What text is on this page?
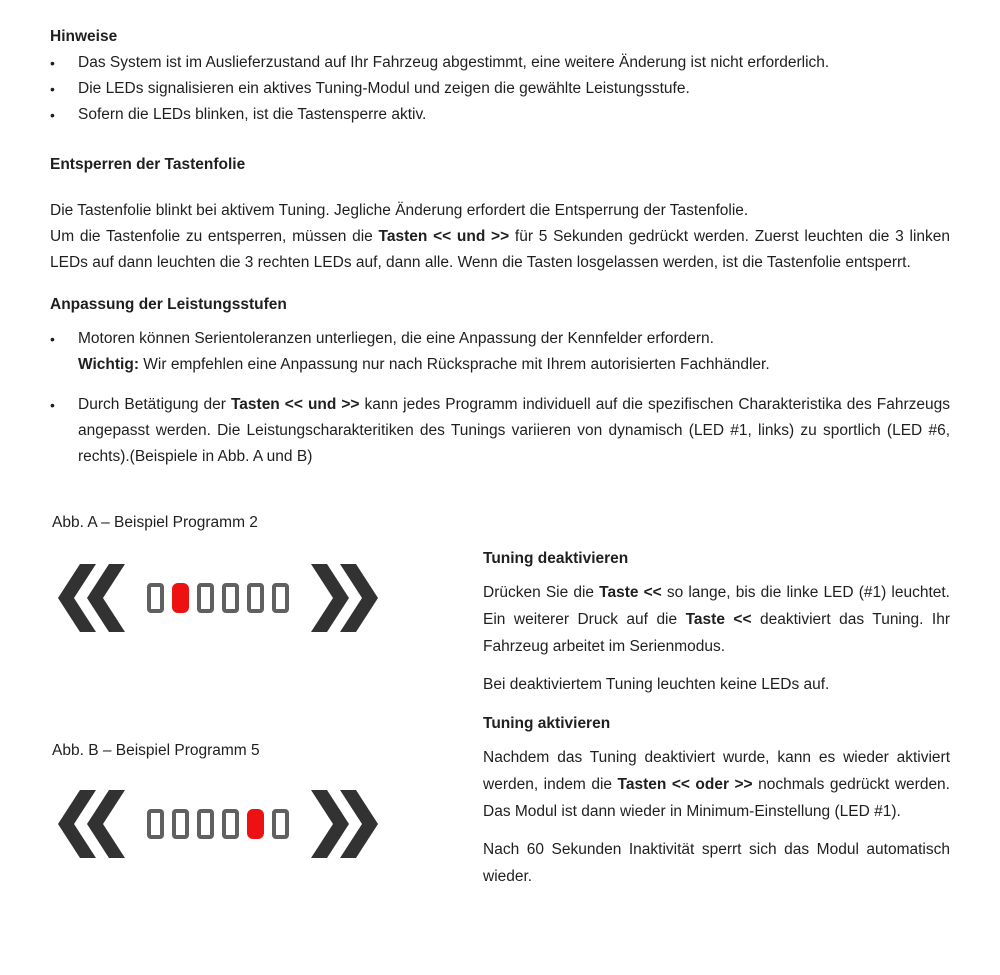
Hinweise
•	Das System ist im Auslieferzustand auf Ihr Fahrzeug abgestimmt, eine weitere Änderung ist nicht erforderlich.
•	Die LEDs signalisieren ein aktives Tuning-Modul und zeigen die gewählte Leistungsstufe.
•	Sofern die LEDs blinken, ist die Tastensperre aktiv.
Entsperren der Tastenfolie
Die Tastenfolie blinkt bei aktivem Tuning. Jegliche Änderung erfordert die Entsperrung der Tastenfolie.
Um die Tastenfolie zu entsperren, müssen die Tasten << und >> für 5 Sekunden gedrückt werden. Zuerst leuchten die 3 linken LEDs auf dann leuchten die 3 rechten LEDs auf, dann alle. Wenn die Tasten losgelassen werden, ist die Tastenfolie entsperrt.
Anpassung der Leistungsstufen
•	Motoren können Serientoleranzen unterliegen, die eine Anpassung der Kennfelder erfordern.
Wichtig: Wir empfehlen eine Anpassung nur nach Rücksprache mit Ihrem autorisierten Fachhändler.
•	Durch Betätigung der Tasten << und >> kann jedes Programm individuell auf die spezifischen Charakteristika des Fahrzeugs angepasst werden. Die Leistungscharakteritiken des Tunings variieren von dynamisch (LED #1, links) zu sportlich (LED #6, rechts).(Beispiele in Abb. A und B)
Abb. A – Beispiel Programm 2
Abb. B – Beispiel Programm 5
Tuning deaktivieren
Drücken Sie die Taste << so lange, bis die linke LED (#1) leuchtet. Ein weiterer Druck auf die Taste << deaktiviert das Tuning. Ihr Fahrzeug arbeitet im Serienmodus.
Bei deaktiviertem Tuning leuchten keine LEDs auf.
Tuning aktivieren
Nachdem das Tuning deaktiviert wurde, kann es wieder aktiviert werden, indem die Tasten << oder >> nochmals gedrückt werden. Das Modul ist dann wieder in Minimum-Einstellung (LED #1).
Nach 60 Sekunden Inaktivität sperrt sich das Modul automatisch wieder.
